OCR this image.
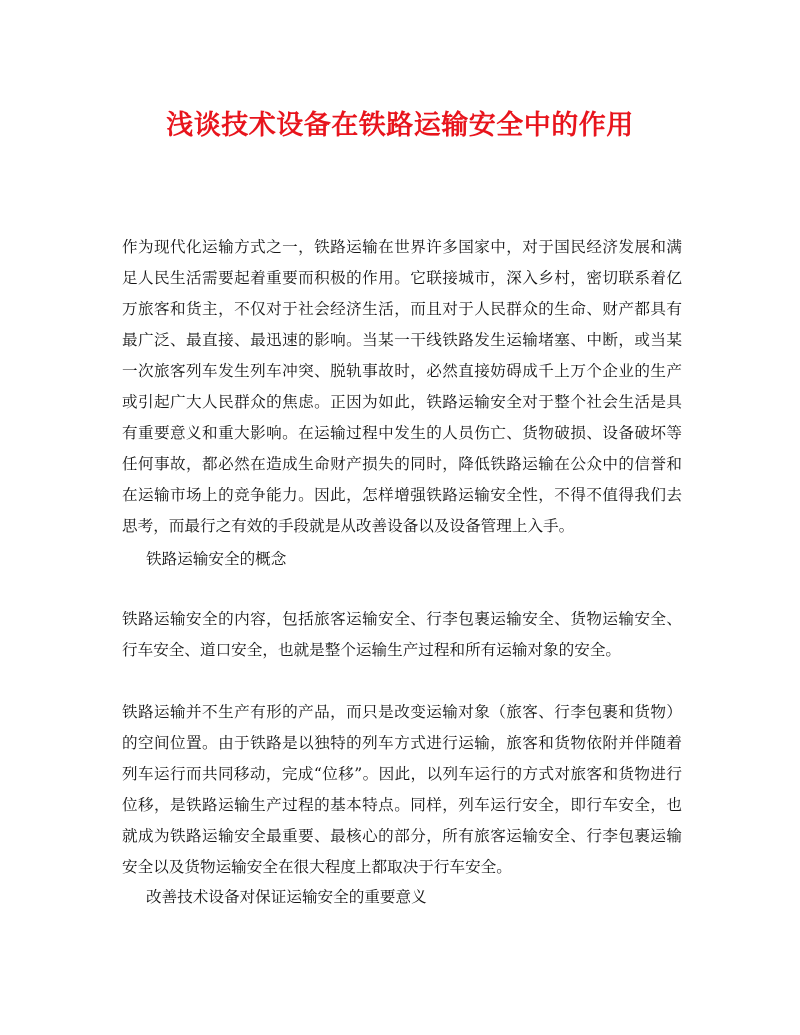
浅谈技术设备在铁路运输安全中的作用

作为现代化运输方式之一，铁路运输在世界许多国家中，对于国民经济发展和满足人民生活需要起着重要而积极的作用。它联接城市，深入乡村，密切联系着亿万旅客和货主，不仅对于社会经济生活，而且对于人民群众的生命、财产都具有最广泛、最直接、最迅速的影响。当某一干线铁路发生运输堵塞、中断，或当某一次旅客列车发生列车冲突、脱轨事故时，必然直接妨碍成千上万个企业的生产或引起广大人民群众的焦虑。正因为如此，铁路运输安全对于整个社会生活是具有重要意义和重大影响。在运输过程中发生的人员伤亡、货物破损、设备破坏等任何事故，都必然在造成生命财产损失的同时，降低铁路运输在公众中的信誉和在运输市场上的竞争能力。因此，怎样增强铁路运输安全性，不得不值得我们去思考，而最行之有效的手段就是从改善设备以及设备管理上入手。

铁路运输安全的概念

铁路运输安全的内容，包括旅客运输安全、行李包裹运输安全、货物运输安全、行车安全、道口安全，也就是整个运输生产过程和所有运输对象的安全。

铁路运输并不生产有形的产品，而只是改变运输对象（旅客、行李包裹和货物）的空间位置。由于铁路是以独特的列车方式进行运输，旅客和货物依附并伴随着列车运行而共同移动，完成“位移”。因此，以列车运行的方式对旅客和货物进行位移，是铁路运输生产过程的基本特点。同样，列车运行安全，即行车安全，也就成为铁路运输安全最重要、最核心的部分，所有旅客运输安全、行李包裹运输安全以及货物运输安全在很大程度上都取决于行车安全。

改善技术设备对保证运输安全的重要意义
